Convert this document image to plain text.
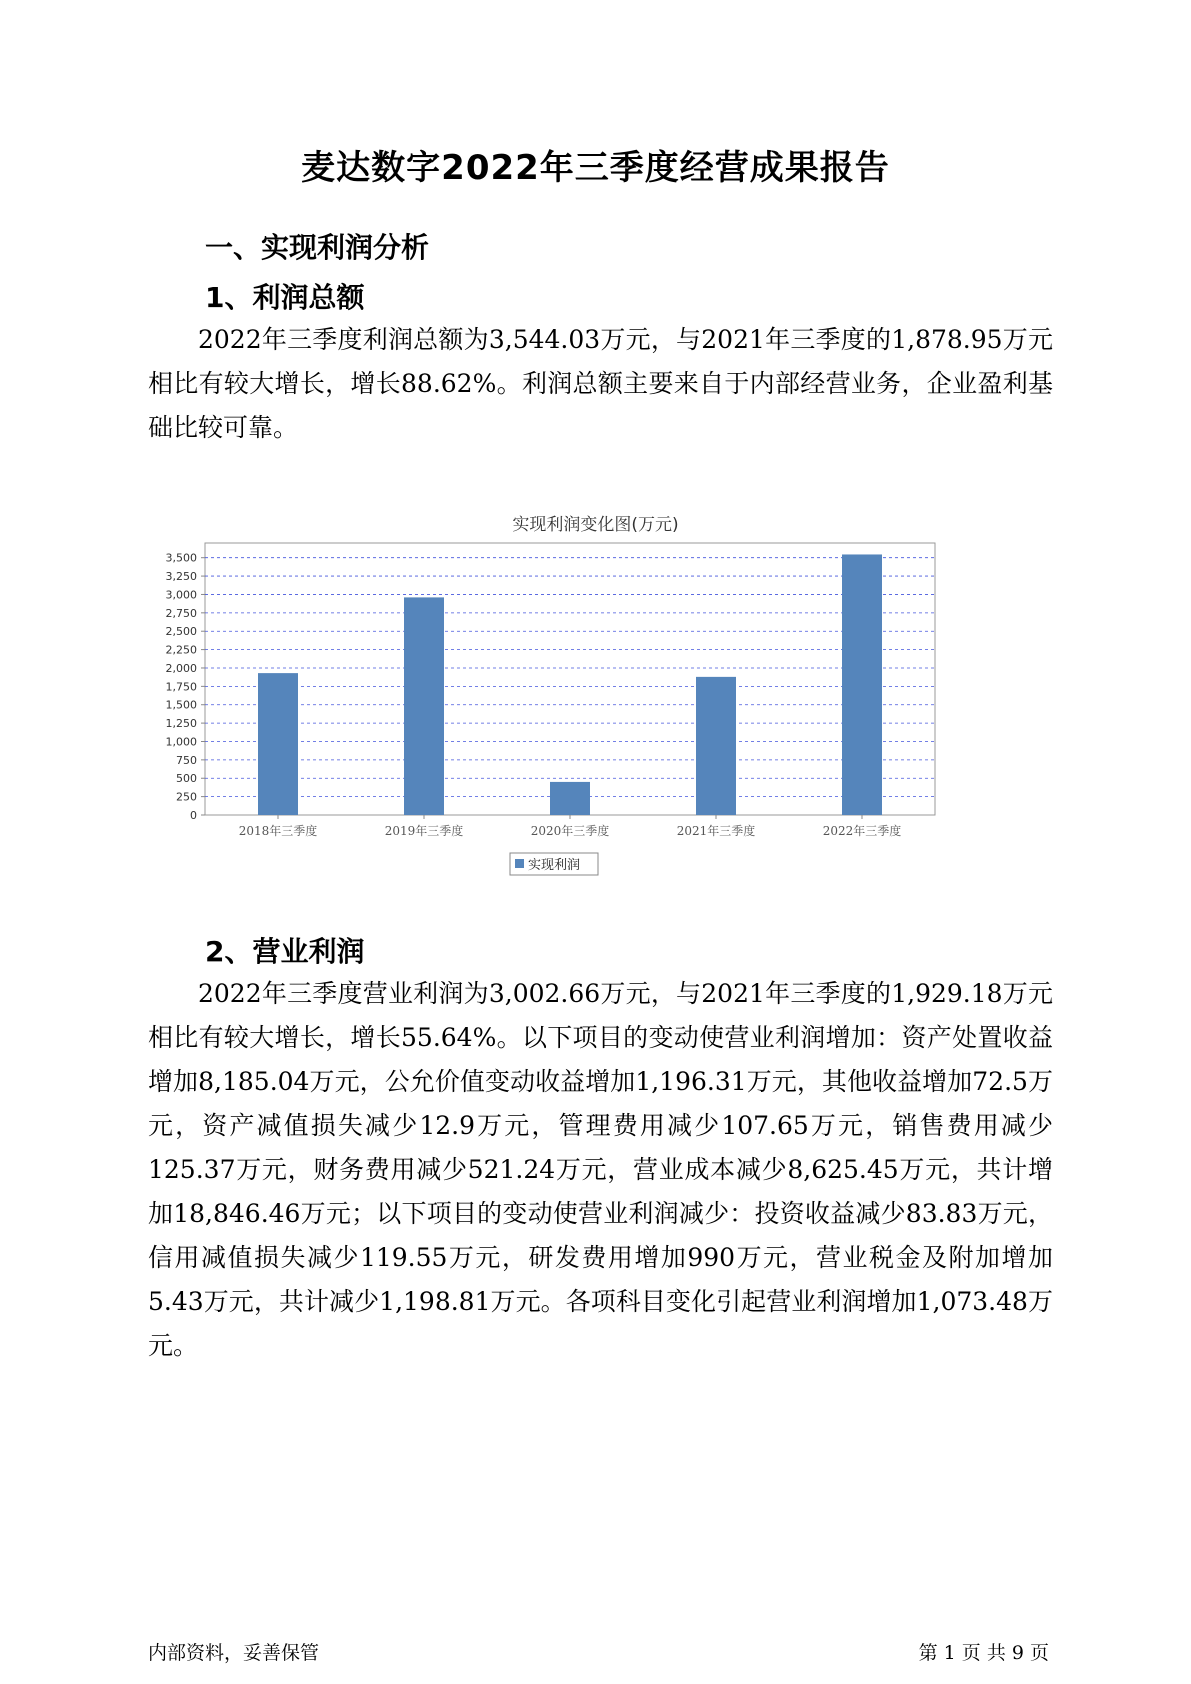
麦达数字2022年三季度经营成果报告
一、实现利润分析
1、利润总额
2022年三季度利润总额为3,544.03万元，与2021年三季度的1,878.95万元相比有较大增长，增长88.62%。利润总额主要来自于内部经营业务，企业盈利基础比较可靠。
实现利润变化图(万元)
0
250
500
750
1,000
1,250
1,500
1,750
2,000
2,250
2,500
2,750
3,000
3,250
3,500
2018年三季度	2019年三季度	2020年三季度	2021年三季度	2022年三季度
实现利润
2、营业利润
2022年三季度营业利润为3,002.66万元，与2021年三季度的1,929.18万元相比有较大增长，增长55.64%。以下项目的变动使营业利润增加：资产处置收益增加8,185.04万元，公允价值变动收益增加1,196.31万元，其他收益增加72.5万元，资产减值损失减少12.9万元，管理费用减少107.65万元，销售费用减少125.37万元，财务费用减少521.24万元，营业成本减少8,625.45万元，共计增加18,846.46万元；以下项目的变动使营业利润减少：投资收益减少83.83万元，信用减值损失减少119.55万元，研发费用增加990万元，营业税金及附加增加5.43万元，共计减少1,198.81万元。各项科目变化引起营业利润增加1,073.48万元。
内部资料，妥善保管	第 1 页 共 9 页
